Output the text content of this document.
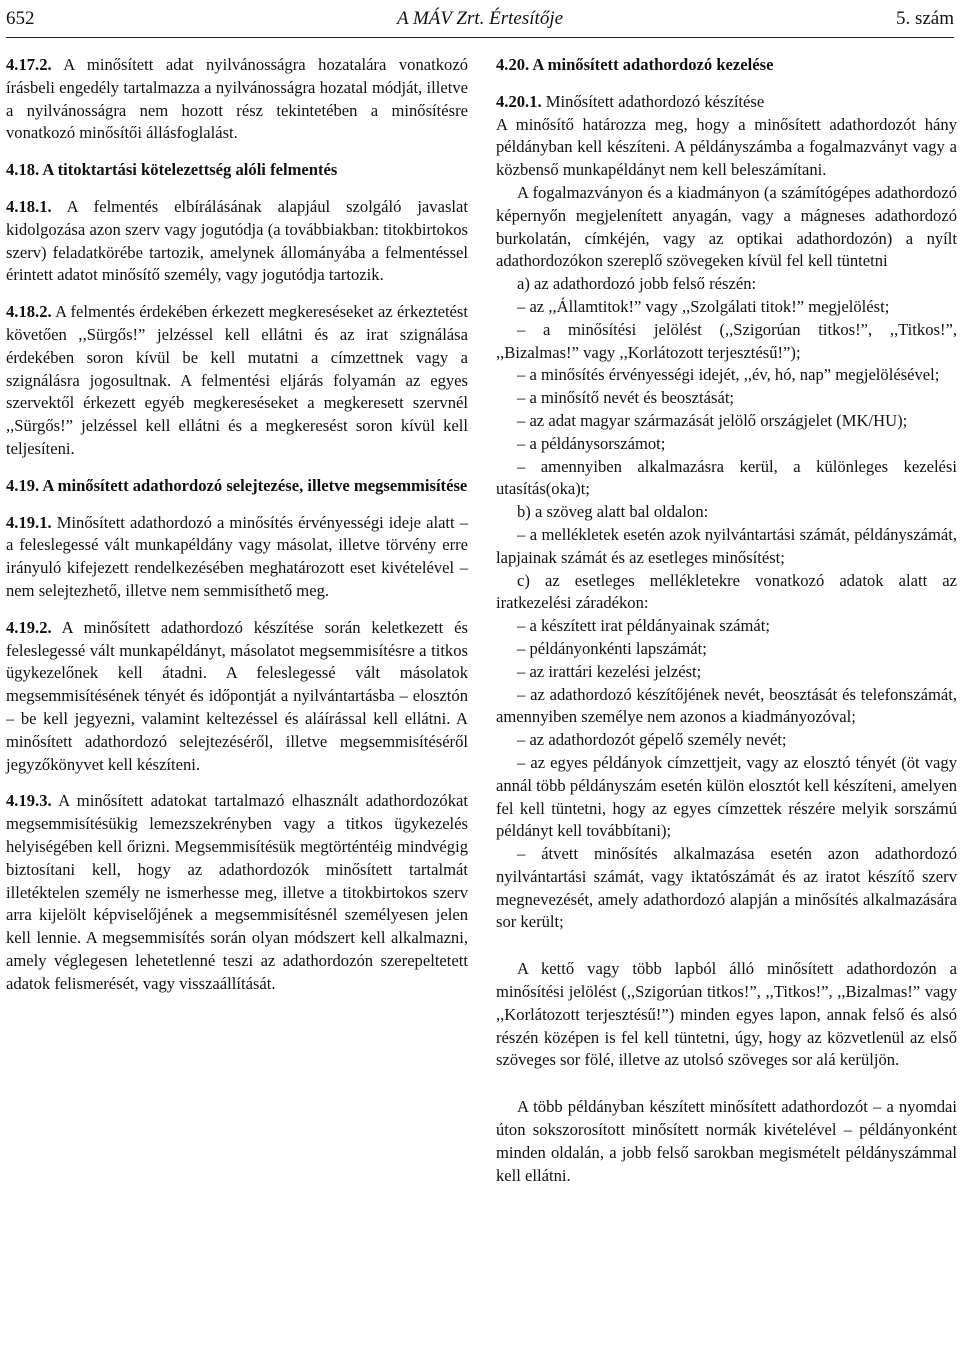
652	A MÁV Zrt. Értesítője	5. szám

4.17.2. A minősített adat nyilvánosságra hozatalára vonatkozó írásbeli engedély tartalmazza a nyilvánosságra hozatal módját, illetve a nyilvánosságra nem hozott rész tekintetében a minősítésre vonatkozó minősítői állásfoglalást.

4.18. A titoktartási kötelezettség alóli felmentés

4.18.1. A felmentés elbírálásának alapjául szolgáló javaslat kidolgozása azon szerv vagy jogutódja (a továbbiakban: titokbirtokos szerv) feladatkörébe tartozik, amelynek állományába a felmentéssel érintett adatot minősítő személy, vagy jogutódja tartozik.

4.18.2. A felmentés érdekében érkezett megkereséseket az érkeztetést követően ,,Sürgős!” jelzéssel kell ellátni és az irat szignálása érdekében soron kívül be kell mutatni a címzettnek vagy a szignálásra jogosultnak. A felmentési eljárás folyamán az egyes szervektől érkezett egyéb megkereséseket a megkeresett szervnél ,,Sürgős!” jelzéssel kell ellátni és a megkeresést soron kívül kell teljesíteni.

4.19. A minősített adathordozó selejtezése, illetve megsemmisítése

4.19.1. Minősített adathordozó a minősítés érvényességi ideje alatt – a feleslegessé vált munkapéldány vagy másolat, illetve törvény erre irányuló kifejezett rendelkezésében meghatározott eset kivételével – nem selejtezhető, illetve nem semmisíthető meg.

4.19.2. A minősített adathordozó készítése során keletkezett és feleslegessé vált munkapéldányt, másolatot megsemmisítésre a titkos ügykezelőnek kell átadni. A feleslegessé vált másolatok megsemmisítésének tényét és időpontját a nyilvántartásba – elosztón – be kell jegyezni, valamint keltezéssel és aláírással kell ellátni. A minősített adathordozó selejtezéséről, illetve megsemmisítéséről jegyzőkönyvet kell készíteni.

4.19.3. A minősített adatokat tartalmazó elhasznált adathordozókat megsemmisítésükig lemezszekrényben vagy a titkos ügykezelés helyiségében kell őrizni. Megsemmisítésük megtörténtéig mindvégig biztosítani kell, hogy az adathordozók minősített tartalmát illetéktelen személy ne ismerhesse meg, illetve a titokbirtokos szerv arra kijelölt képviselőjének a megsemmisítésnél személyesen jelen kell lennie. A megsemmisítés során olyan módszert kell alkalmazni, amely véglegesen lehetetlenné teszi az adathordozón szerepeltetett adatok felismerését, vagy visszaállítását.

4.20. A minősített adathordozó kezelése

4.20.1. Minősített adathordozó készítése

A minősítő határozza meg, hogy a minősített adathordozót hány példányban kell készíteni. A példányszámba a fogalmazványt vagy a közbenső munkapéldányt nem kell beleszámítani.

A fogalmazványon és a kiadmányon (a számítógépes adathordozó képernyőn megjelenített anyagán, vagy a mágneses adathordozó burkolatán, címkéjén, vagy az optikai adathordozón) a nyílt adathordozókon szereplő szövegeken kívül fel kell tüntetni

a) az adathordozó jobb felső részén:

– az ,,Államtitok!” vagy ,,Szolgálati titok!” megjelölést;

– a minősítési jelölést (,,Szigorúan titkos!”, ,,Titkos!”, ,,Bizalmas!” vagy ,,Korlátozott terjesztésű!”);

– a minősítés érvényességi idejét, ,,év, hó, nap” megjelölésével;

– a minősítő nevét és beosztását;

– az adat magyar származását jelölő országjelet (MK/HU);

– a példánysorszámot;

– amennyiben alkalmazásra kerül, a különleges kezelési utasítás(oka)t;

b) a szöveg alatt bal oldalon:

– a mellékletek esetén azok nyilvántartási számát, példányszámát, lapjainak számát és az esetleges minősítést;

c) az esetleges mellékletekre vonatkozó adatok alatt az iratkezelési záradékon:

– a készített irat példányainak számát;

– példányonkénti lapszámát;

– az irattári kezelési jelzést;

– az adathordozó készítőjének nevét, beosztását és telefonszámát, amennyiben személye nem azonos a kiadmányozóval;

– az adathordozót gépelő személy nevét;

– az egyes példányok címzettjeit, vagy az elosztó tényét (öt vagy annál több példányszám esetén külön elosztót kell készíteni, amelyen fel kell tüntetni, hogy az egyes címzettek részére melyik sorszámú példányt kell továbbítani);

– átvett minősítés alkalmazása esetén azon adathordozó nyilvántartási számát, vagy iktatószámát és az iratot készítő szerv megnevezését, amely adathordozó alapján a minősítés alkalmazására sor került;

A kettő vagy több lapból álló minősített adathordozón a minősítési jelölést (,,Szigorúan titkos!”, ,,Titkos!”, ,,Bizalmas!” vagy ,,Korlátozott terjesztésű!”) minden egyes lapon, annak felső és alsó részén középen is fel kell tüntetni, úgy, hogy az közvetlenül az első szöveges sor fölé, illetve az utolsó szöveges sor alá kerüljön.

A több példányban készített minősített adathordozót – a nyomdai úton sokszorosított minősített normák kivételével – példányonként minden oldalán, a jobb felső sarokban megismételt példányszámmal kell ellátni.
